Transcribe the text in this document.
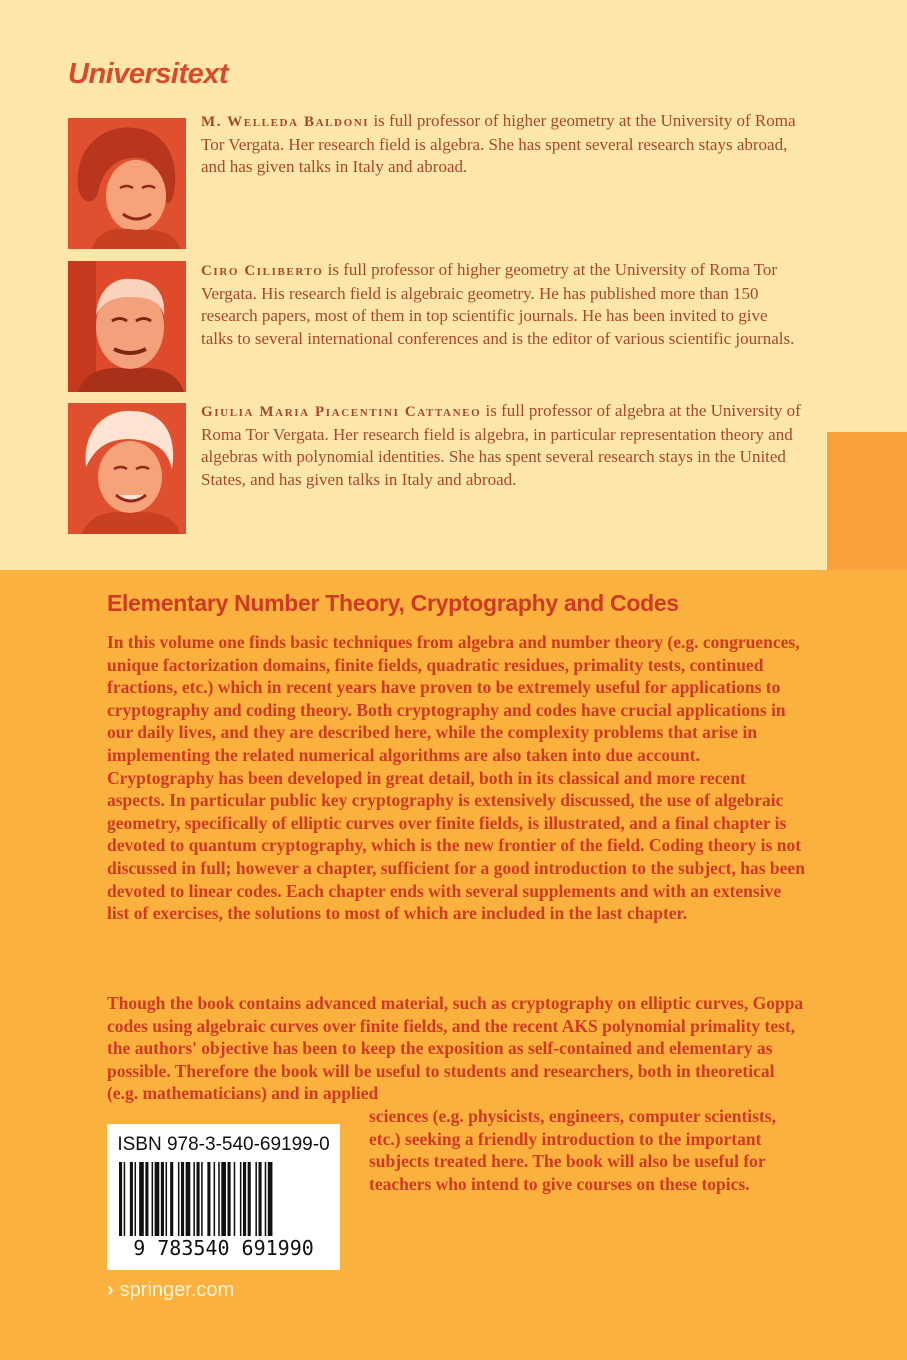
Universitext

M. Welleda Baldoni is full professor of higher geometry at the University of Roma Tor Vergata. Her research field is algebra. She has spent several research stays abroad, and has given talks in Italy and abroad.

Ciro Ciliberto is full professor of higher geometry at the University of Roma Tor Vergata. His research field is algebraic geometry. He has published more than 150 research papers, most of them in top scientific journals. He has been invited to give talks to several international conferences and is the editor of various scientific journals.

Giulia Maria Piacentini Cattaneo is full professor of algebra at the University of Roma Tor Vergata. Her research field is algebra, in particular representation theory and algebras with polynomial identities. She has spent several research stays in the United States, and has given talks in Italy and abroad.

Elementary Number Theory, Cryptography and Codes

In this volume one finds basic techniques from algebra and number theory (e.g. congruences, unique factorization domains, finite fields, quadratic residues, primality tests, continued fractions, etc.) which in recent years have proven to be extremely useful for applications to cryptography and coding theory. Both cryptography and codes have crucial applications in our daily lives, and they are described here, while the complexity problems that arise in implementing the related numerical algorithms are also taken into due account. Cryptography has been developed in great detail, both in its classical and more recent aspects. In particular public key cryptography is extensively discussed, the use of algebraic geometry, specifically of elliptic curves over finite fields, is illustrated, and a final chapter is devoted to quantum cryptography, which is the new frontier of the field. Coding theory is not discussed in full; however a chapter, sufficient for a good introduction to the subject, has been devoted to linear codes. Each chapter ends with several supplements and with an extensive list of exercises, the solutions to most of which are included in the last chapter.

Though the book contains advanced material, such as cryptography on elliptic curves, Goppa codes using algebraic curves over finite fields, and the recent AKS polynomial primality test, the authors' objective has been to keep the exposition as self-contained and elementary as possible. Therefore the book will be useful to students and researchers, both in theoretical (e.g. mathematicians) and in applied

sciences (e.g. physicists, engineers, computer scientists, etc.) seeking a friendly introduction to the important subjects treated here. The book will also be useful for teachers who intend to give courses on these topics.

ISBN 978-3-540-69199-0
9 783540 691990
› springer.com
